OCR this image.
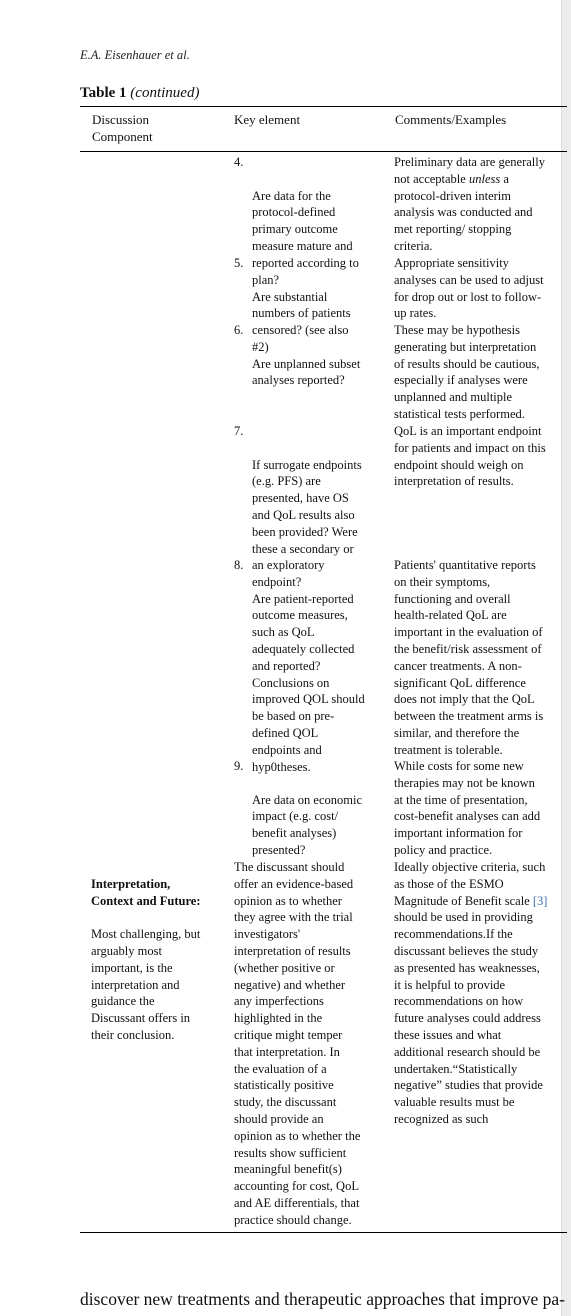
E.A. Eisenhauer et al.
Table 1 (continued)
Discussion
Component
Key element	Comments/Examples

4.

Are data for the
protocol-defined
primary outcome
measure mature and
reported according to
plan?

Preliminary data are generally
not acceptable unless a
protocol-driven interim
analysis was conducted and
met reporting/ stopping
criteria.

5.

Are substantial
numbers of patients
censored? (see also
#2)

Appropriate sensitivity
analyses can be used to adjust
for drop out or lost to follow-
up rates.

6.

Are unplanned subset
analyses reported?

These may be hypothesis
generating but interpretation
of results should be cautious,
especially if analyses were
unplanned and multiple
statistical tests performed.

7.

If surrogate endpoints
(e.g. PFS) are
presented, have OS
and QoL results also
been provided? Were
these a secondary or
an exploratory
endpoint?

QoL is an important endpoint
for patients and impact on this
endpoint should weigh on
interpretation of results.

8.

Are patient-reported
outcome measures,
such as QoL
adequately collected
and reported?
Conclusions on
improved QOL should
be based on pre-
defined QOL
endpoints and
hyp0theses.

Patients' quantitative reports
on their symptoms,
functioning and overall
health-related QoL are
important in the evaluation of
the benefit/risk assessment of
cancer treatments. A non-
significant QoL difference
does not imply that the QoL
between the treatment arms is
similar, and therefore the
treatment is tolerable.

9.

Are data on economic
impact (e.g. cost/
benefit analyses)
presented?

While costs for some new
therapies may not be known
at the time of presentation,
cost-benefit analyses can add
important information for
policy and practice.

Interpretation,
Context and Future:

Most challenging, but
arguably most
important, is the
interpretation and
guidance the
Discussant offers in
their conclusion.

The discussant should
offer an evidence-based
opinion as to whether
they agree with the trial
investigators'
interpretation of results
(whether positive or
negative) and whether
any imperfections
highlighted in the
critique might temper
that interpretation. In
the evaluation of a
statistically positive
study, the discussant
should provide an
opinion as to whether the
results show sufficient
meaningful benefit(s)
accounting for cost, QoL
and AE differentials, that
practice should change.
Ideally objective criteria, such
as those of the ESMO
Magnitude of Benefit scale [3]
should be used in providing
recommendations.If the
discussant believes the study
as presented has weaknesses,
it is helpful to provide
recommendations on how
future analyses could address
these issues and what
additional research should be
undertaken.“Statistically
negative” studies that provide
valuable results must be
recognized as such
discover new treatments and therapeutic approaches that improve pa-
